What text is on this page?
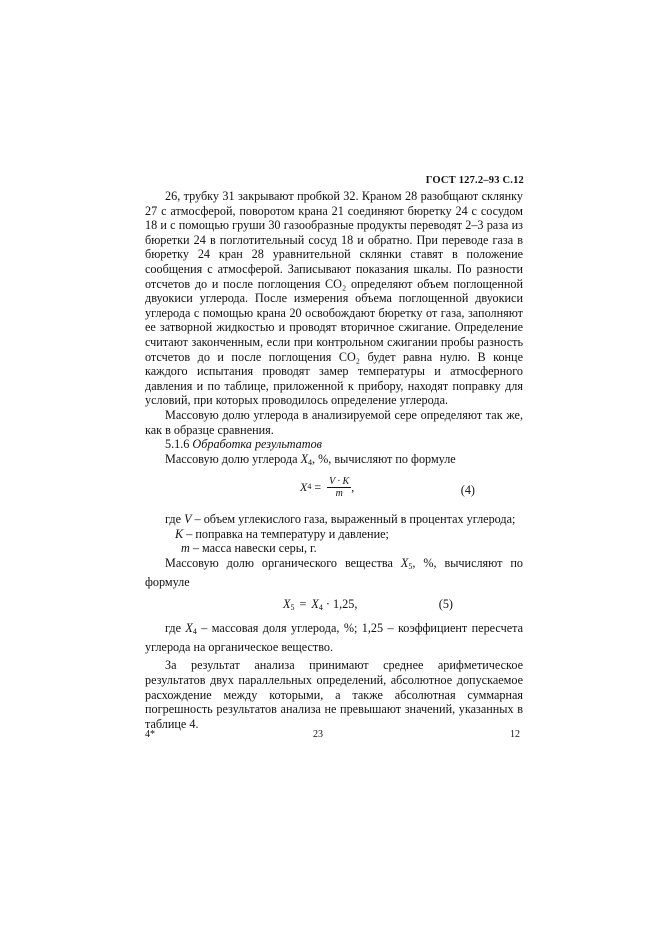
ГОСТ 127.2–93 С.12

26, трубку 31 закрывают пробкой 32. Краном 28 разобщают склянку 27 с атмосферой, поворотом крана 21 соединяют бюретку 24 с сосудом 18 и с помощью груши 30 газообразные продукты переводят 2–3 раза из бюретки 24 в поглотительный сосуд 18 и обратно. При переводе газа в бюретку 24 кран 28 уравнительной склянки ставят в положение сообщения с атмосферой. Записывают показания шкалы. По разности отсчетов до и после поглощения CO₂ определяют объем поглощенной двуокиси углерода. После измерения объема поглощенной двуокиси углерода с помощью крана 20 освобождают бюретку от газа, заполняют ее затворной жидкостью и проводят вторичное сжигание. Определение считают законченным, если при контрольном сжигании пробы разность отсчетов до и после поглощения CO₂ будет равна нулю. В конце каждого испытания проводят замер температуры и атмосферного давления и по таблице, приложенной к прибору, находят поправку для условий, при которых проводилось определение углерода.

Массовую долю углерода в анализируемой сере определяют так же, как в образце сравнения.

5.1.6 Обработка результатов

Массовую долю углерода $X_4$, %, вычисляют по формуле

X $4 = \frac{V \cdot K}{m}$ ,	(4)

где V – объем углекислого газа, выраженный в процентах углерода;

K – поправка на температуру и давление;

m – масса навески серы, г.

Массовую долю органического вещества $X_5$, %, вычисляют по формуле

$X_5 = X_4 \cdot 1,25$,	(5)

где $X_4$ – массовая доля углерода, %; 1,25 – коэффициент пересчета углерода на органическое вещество.

За результат анализа принимают среднее арифметическое результатов двух параллельных определений, абсолютное допускаемое расхождение между которыми, а также абсолютная суммарная погрешность результатов анализа не превышают значений, указанных в таблице 4.

4*	23	12
